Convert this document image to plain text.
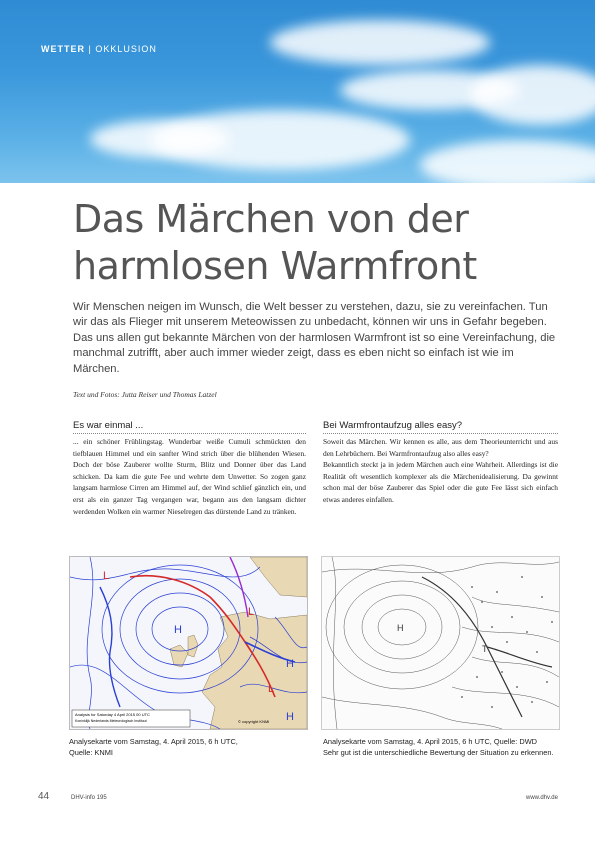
WETTER | OKKLUSION
Das Märchen von der
harmlosen Warmfront
Wir Menschen neigen im Wunsch, die Welt besser zu verstehen, dazu, sie zu vereinfachen. Tun wir das als Flieger mit unserem Meteowissen zu unbedacht, können wir uns in Gefahr begeben. Das uns allen gut bekannte Märchen von der harmlosen Warmfront ist so eine Vereinfachung, die manchmal zutrifft, aber auch immer wieder zeigt, dass es eben nicht so einfach ist wie im Märchen.
Text und Fotos: Jutta Reiser und Thomas Latzel
Es war einmal ...

... ein schöner Frühlingstag. Wunderbar weiße Cumuli schmückten den tiefblauen Himmel und ein sanfter Wind strich über die blühenden Wiesen. Doch der böse Zauberer wollte Sturm, Blitz und Donner über das Land schicken. Da kam die gute Fee und wehrte dem Unwetter. So zogen ganz langsam harmlose Cirren am Himmel auf, der Wind schlief gänzlich ein, und erst als ein ganzer Tag vergangen war, begann aus den langsam dichter werdenden Wolken ein warmer Nieselregen das dürstende Land zu tränken.

Bei Warmfrontaufzug alles easy?

Soweit das Märchen. Wir kennen es alle, aus dem Theorieunterricht und aus den Lehrbüchern. Bei Warmfrontaufzug also alles easy?

Bekanntlich steckt ja in jedem Märchen auch eine Wahrheit. Allerdings ist die Realität oft wesentlich komplexer als die Märchenidealisierung. Da gewinnt schon mal der böse Zauberer das Spiel oder die gute Fee lässt sich einfach etwas anderes einfallen.

H
L
L
H
H
L
Analysis for Saturday 4 April 2015 00 UTC
Koninklijk Nederlands Meteorologisch Instituut	© copyright KNMI
Analysekarte vom Samstag, 4. April 2015, 6 h UTC,
Quelle: KNMI
H
T
Analysekarte vom Samstag, 4. April 2015, 6 h UTC, Quelle: DWD
Sehr gut ist die unterschiedliche Bewertung der Situation zu erkennen.
44	DHV-info 195	www.dhv.de
